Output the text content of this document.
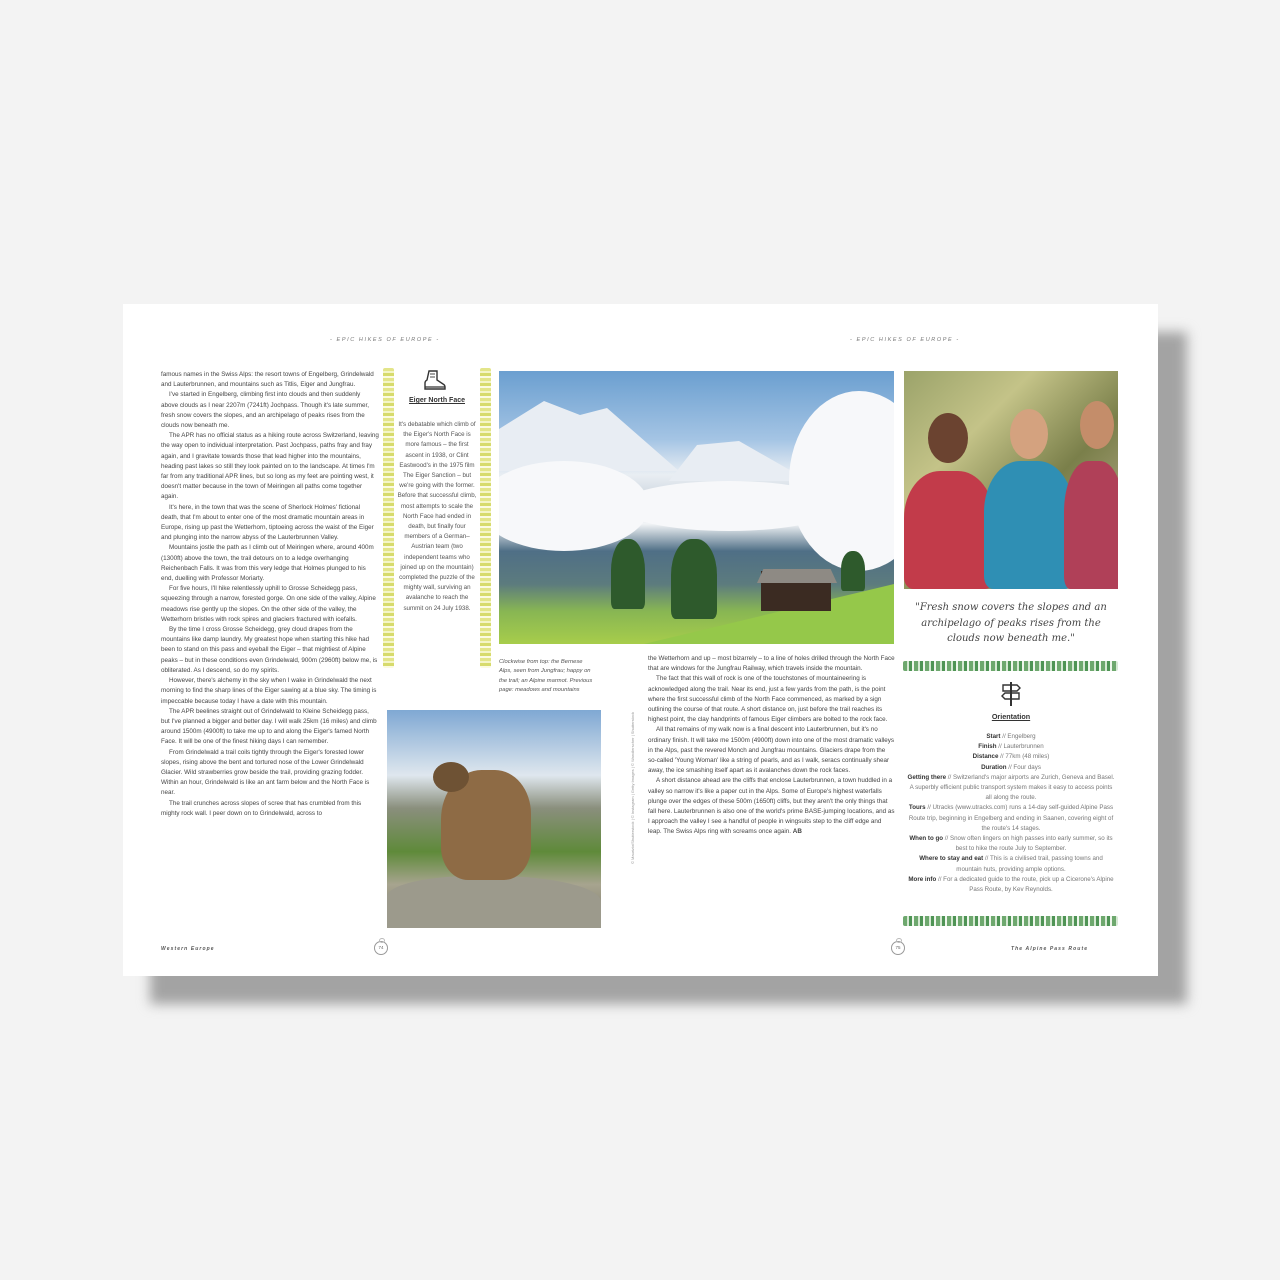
- EPIC HIKES OF EUROPE -	- EPIC HIKES OF EUROPE -

famous names in the Swiss Alps: the resort towns of Engelberg, Grindelwald and Lauterbrunnen, and mountains such as Titlis, Eiger and Jungfrau.

I've started in Engelberg, climbing first into clouds and then suddenly above clouds as I near 2207m (7241ft) Jochpass. Though it's late summer, fresh snow covers the slopes, and an archipelago of peaks rises from the clouds now beneath me.

The APR has no official status as a hiking route across Switzerland, leaving the way open to individual interpretation. Past Jochpass, paths fray and fray again, and I gravitate towards those that lead higher into the mountains, heading past lakes so still they look painted on to the landscape. At times I'm far from any traditional APR lines, but so long as my feet are pointing west, it doesn't matter because in the town of Meiringen all paths come together again.

It's here, in the town that was the scene of Sherlock Holmes' fictional death, that I'm about to enter one of the most dramatic mountain areas in Europe, rising up past the Wetterhorn, tiptoeing across the waist of the Eiger and plunging into the narrow abyss of the Lauterbrunnen Valley.

Mountains jostle the path as I climb out of Meiringen where, around 400m (1300ft) above the town, the trail detours on to a ledge overhanging Reichenbach Falls. It was from this very ledge that Holmes plunged to his end, duelling with Professor Moriarty.

For five hours, I'll hike relentlessly uphill to Grosse Scheidegg pass, squeezing through a narrow, forested gorge. On one side of the valley, Alpine meadows rise gently up the slopes. On the other side of the valley, the Wetterhorn bristles with rock spires and glaciers fractured with icefalls.

By the time I cross Grosse Scheidegg, grey cloud drapes from the mountains like damp laundry. My greatest hope when starting this hike had been to stand on this pass and eyeball the Eiger – that mightiest of Alpine peaks – but in these conditions even Grindelwald, 900m (2960ft) below me, is obliterated. As I descend, so do my spirits.

However, there's alchemy in the sky when I wake in Grindelwald the next morning to find the sharp lines of the Eiger sawing at a blue sky. The timing is impeccable because today I have a date with this mountain.

The APR beelines straight out of Grindelwald to Kleine Scheidegg pass, but I've planned a bigger and better day. I will walk 25km (16 miles) and climb around 1500m (4900ft) to take me up to and along the Eiger's famed North Face. It will be one of the finest hiking days I can remember.

From Grindelwald a trail coils tightly through the Eiger's forested lower slopes, rising above the bent and tortured nose of the Lower Grindelwald Glacier. Wild strawberries grow beside the trail, providing grazing fodder. Within an hour, Grindelwald is like an ant farm below and the North Face is near.

The trail crunches across slopes of scree that has crumbled from this mighty rock wall. I peer down on to Grindelwald, across to

Eiger North Face
It's debatable which climb of the Eiger's North Face is more famous – the first ascent in 1938, or Clint Eastwood's in the 1975 film The Eiger Sanction – but we're going with the former. Before that successful climb, most attempts to scale the North Face had ended in death, but finally four members of a German–Austrian team (two independent teams who joined up on the mountain) completed the puzzle of the mighty wall, surviving an avalanche to reach the summit on 24 July 1938.	"Fresh snow covers the slopes and an archipelago of peaks rises from the clouds now beneath me."
Orientation
Start // Engelberg
Finish // Lauterbrunnen
Distance // 77km (48 miles)
Duration // Four days
Getting there // Switzerland's major airports are Zurich, Geneva and Basel. A superbly efficient public transport system makes it easy to access points all along the route.
Tours // Utracks (www.utracks.com) runs a 14-day self-guided Alpine Pass Route trip, beginning in Engelberg and ending in Saanen, covering eight of the route's 14 stages.
When to go // Snow often lingers on high passes into early summer, so its best to hike the route July to September.
Where to stay and eat // This is a civilised trail, passing towns and mountain huts, providing ample options.
More info // For a dedicated guide to the route, pick up a Cicerone's Alpine Pass Route, by Kev Reynolds.
Clockwise from top: the Bernese Alps, seen from Jungfrau; happy on the trail; an Alpine marmot. Previous page: meadows and mountains
© Maurizio/Shutterstock | © Instagram | Getty Images | © Wandlerscher | Shutterstock

the Wetterhorn and up – most bizarrely – to a line of holes drilled through the North Face that are windows for the Jungfrau Railway, which travels inside the mountain.

The fact that this wall of rock is one of the touchstones of mountaineering is acknowledged along the trail. Near its end, just a few yards from the path, is the point where the first successful climb of the North Face commenced, as marked by a sign outlining the course of that route. A short distance on, just before the trail reaches its highest point, the clay handprints of famous Eiger climbers are bolted to the rock face.

All that remains of my walk now is a final descent into Lauterbrunnen, but it's no ordinary finish. It will take me 1500m (4900ft) down into one of the most dramatic valleys in the Alps, past the revered Monch and Jungfrau mountains. Glaciers drape from the so-called 'Young Woman' like a string of pearls, and as I walk, seracs continually shear away, the ice smashing itself apart as it avalanches down the rock faces.

A short distance ahead are the cliffs that enclose Lauterbrunnen, a town huddled in a valley so narrow it's like a paper cut in the Alps. Some of Europe's highest waterfalls plunge over the edges of these 500m (1650ft) cliffs, but they aren't the only things that fall here. Lauterbrunnen is also one of the world's prime BASE-jumping locations, and as I approach the valley I see a handful of people in wingsuits step to the cliff edge and leap. The Swiss Alps ring with screams once again. AB

Western Europe	74	75	The Alpine Pass Route
